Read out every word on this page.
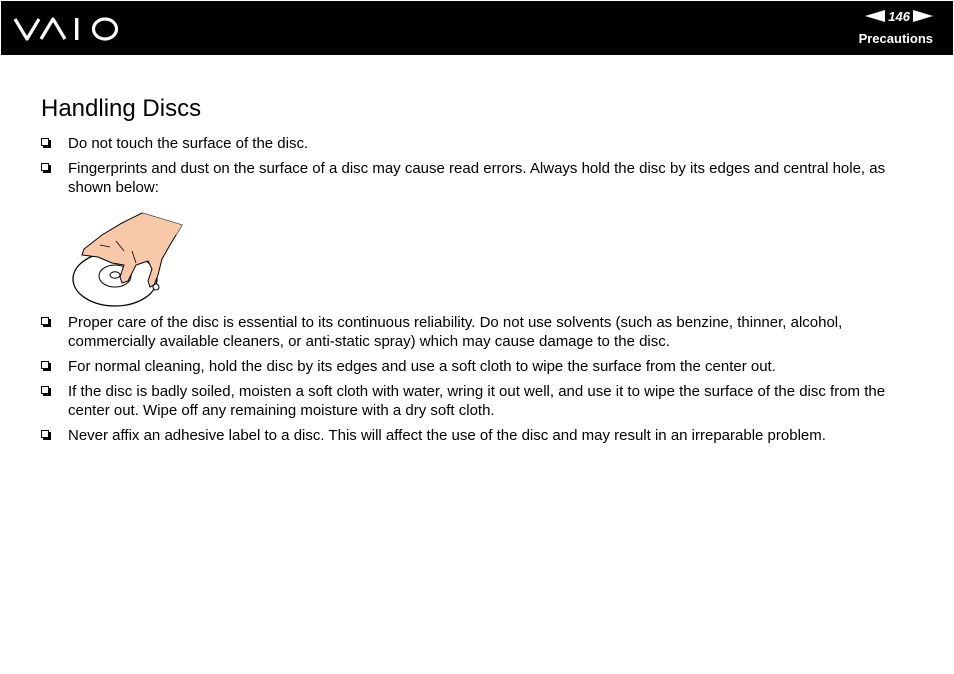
146
Precautions
Handling Discs
Do not touch the surface of the disc.
Fingerprints and dust on the surface of a disc may cause read errors. Always hold the disc by its edges and central hole, as shown below:
Proper care of the disc is essential to its continuous reliability. Do not use solvents (such as benzine, thinner, alcohol, commercially available cleaners, or anti-static spray) which may cause damage to the disc.
For normal cleaning, hold the disc by its edges and use a soft cloth to wipe the surface from the center out.
If the disc is badly soiled, moisten a soft cloth with water, wring it out well, and use it to wipe the surface of the disc from the center out. Wipe off any remaining moisture with a dry soft cloth.
Never affix an adhesive label to a disc. This will affect the use of the disc and may result in an irreparable problem.
